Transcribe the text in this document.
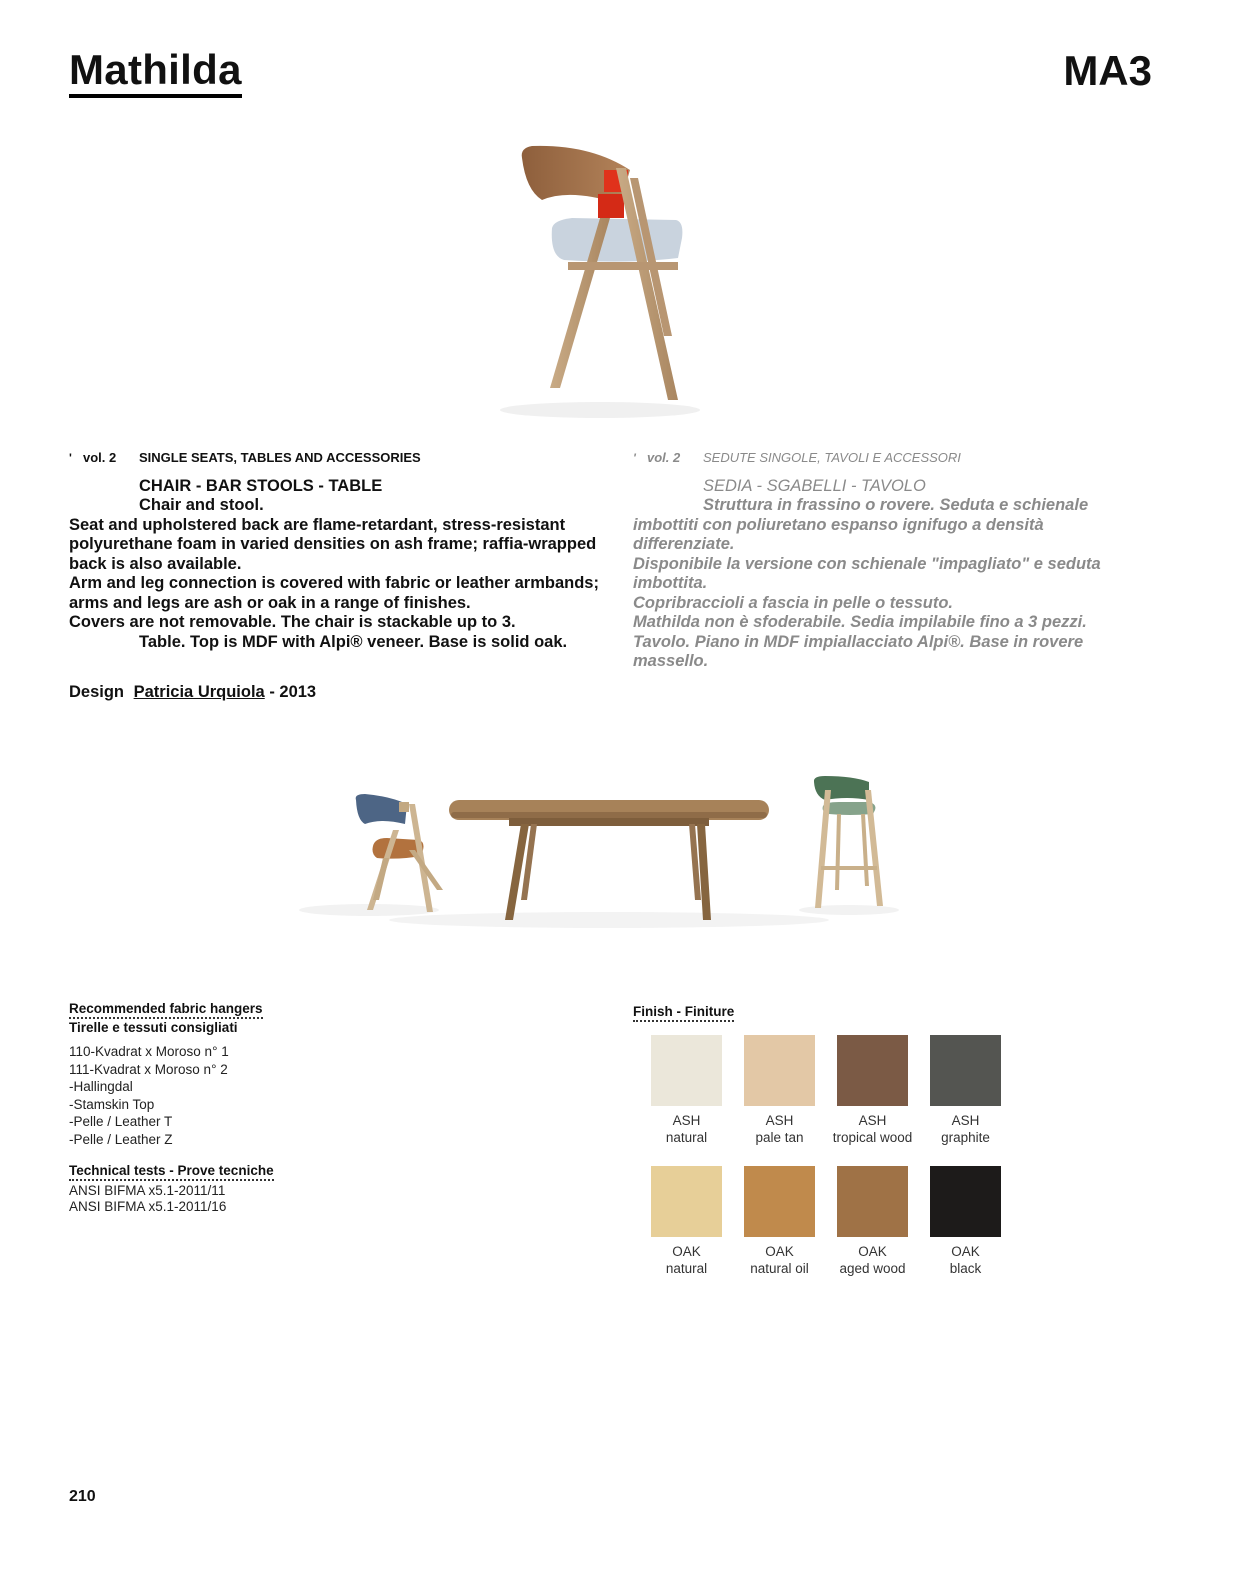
Mathilda	MA3
' vol. 2	SINGLE SEATS, TABLES AND ACCESSORIES
CHAIR - BAR STOOLS - TABLE
Chair and stool.
Seat and upholstered back are flame-retardant, stress-resistant polyurethane foam in varied densities on ash frame; raffia-wrapped back is also available.
Arm and leg connection is covered with fabric or leather armbands; arms and legs are ash or oak in a range of finishes.
Covers are not removable. The chair is stackable up to 3.
Table. Top is MDF with Alpi® veneer. Base is solid oak.
' vol. 2	SEDUTE SINGOLE, TAVOLI E ACCESSORI
SEDIA - SGABELLI - TAVOLO
Struttura in frassino o rovere. Seduta e schienale
imbottiti con poliuretano espanso ignifugo a densità differenziate.
Disponibile la versione con schienale "impagliato" e seduta imbottita.
Copribraccioli a fascia in pelle o tessuto.
Mathilda non è sfoderabile. Sedia impilabile fino a 3 pezzi.
Tavolo. Piano in MDF impiallacciato Alpi®. Base in rovere massello.
Design Patricia Urquiola - 2013
Recommended fabric hangers
Tirelle e tessuti consigliati
110-Kvadrat x Moroso n° 1
111-Kvadrat x Moroso n° 2
-Hallingdal
-Stamskin Top
-Pelle / Leather T
-Pelle / Leather Z
Technical tests - Prove tecniche
ANSI BIFMA x5.1-2011/11
ANSI BIFMA x5.1-2011/16
Finish - Finiture
ASH
natural
ASH
pale tan
ASH
tropical wood
ASH
graphite
OAK
natural
OAK
natural oil
OAK
aged wood
OAK
black
210
